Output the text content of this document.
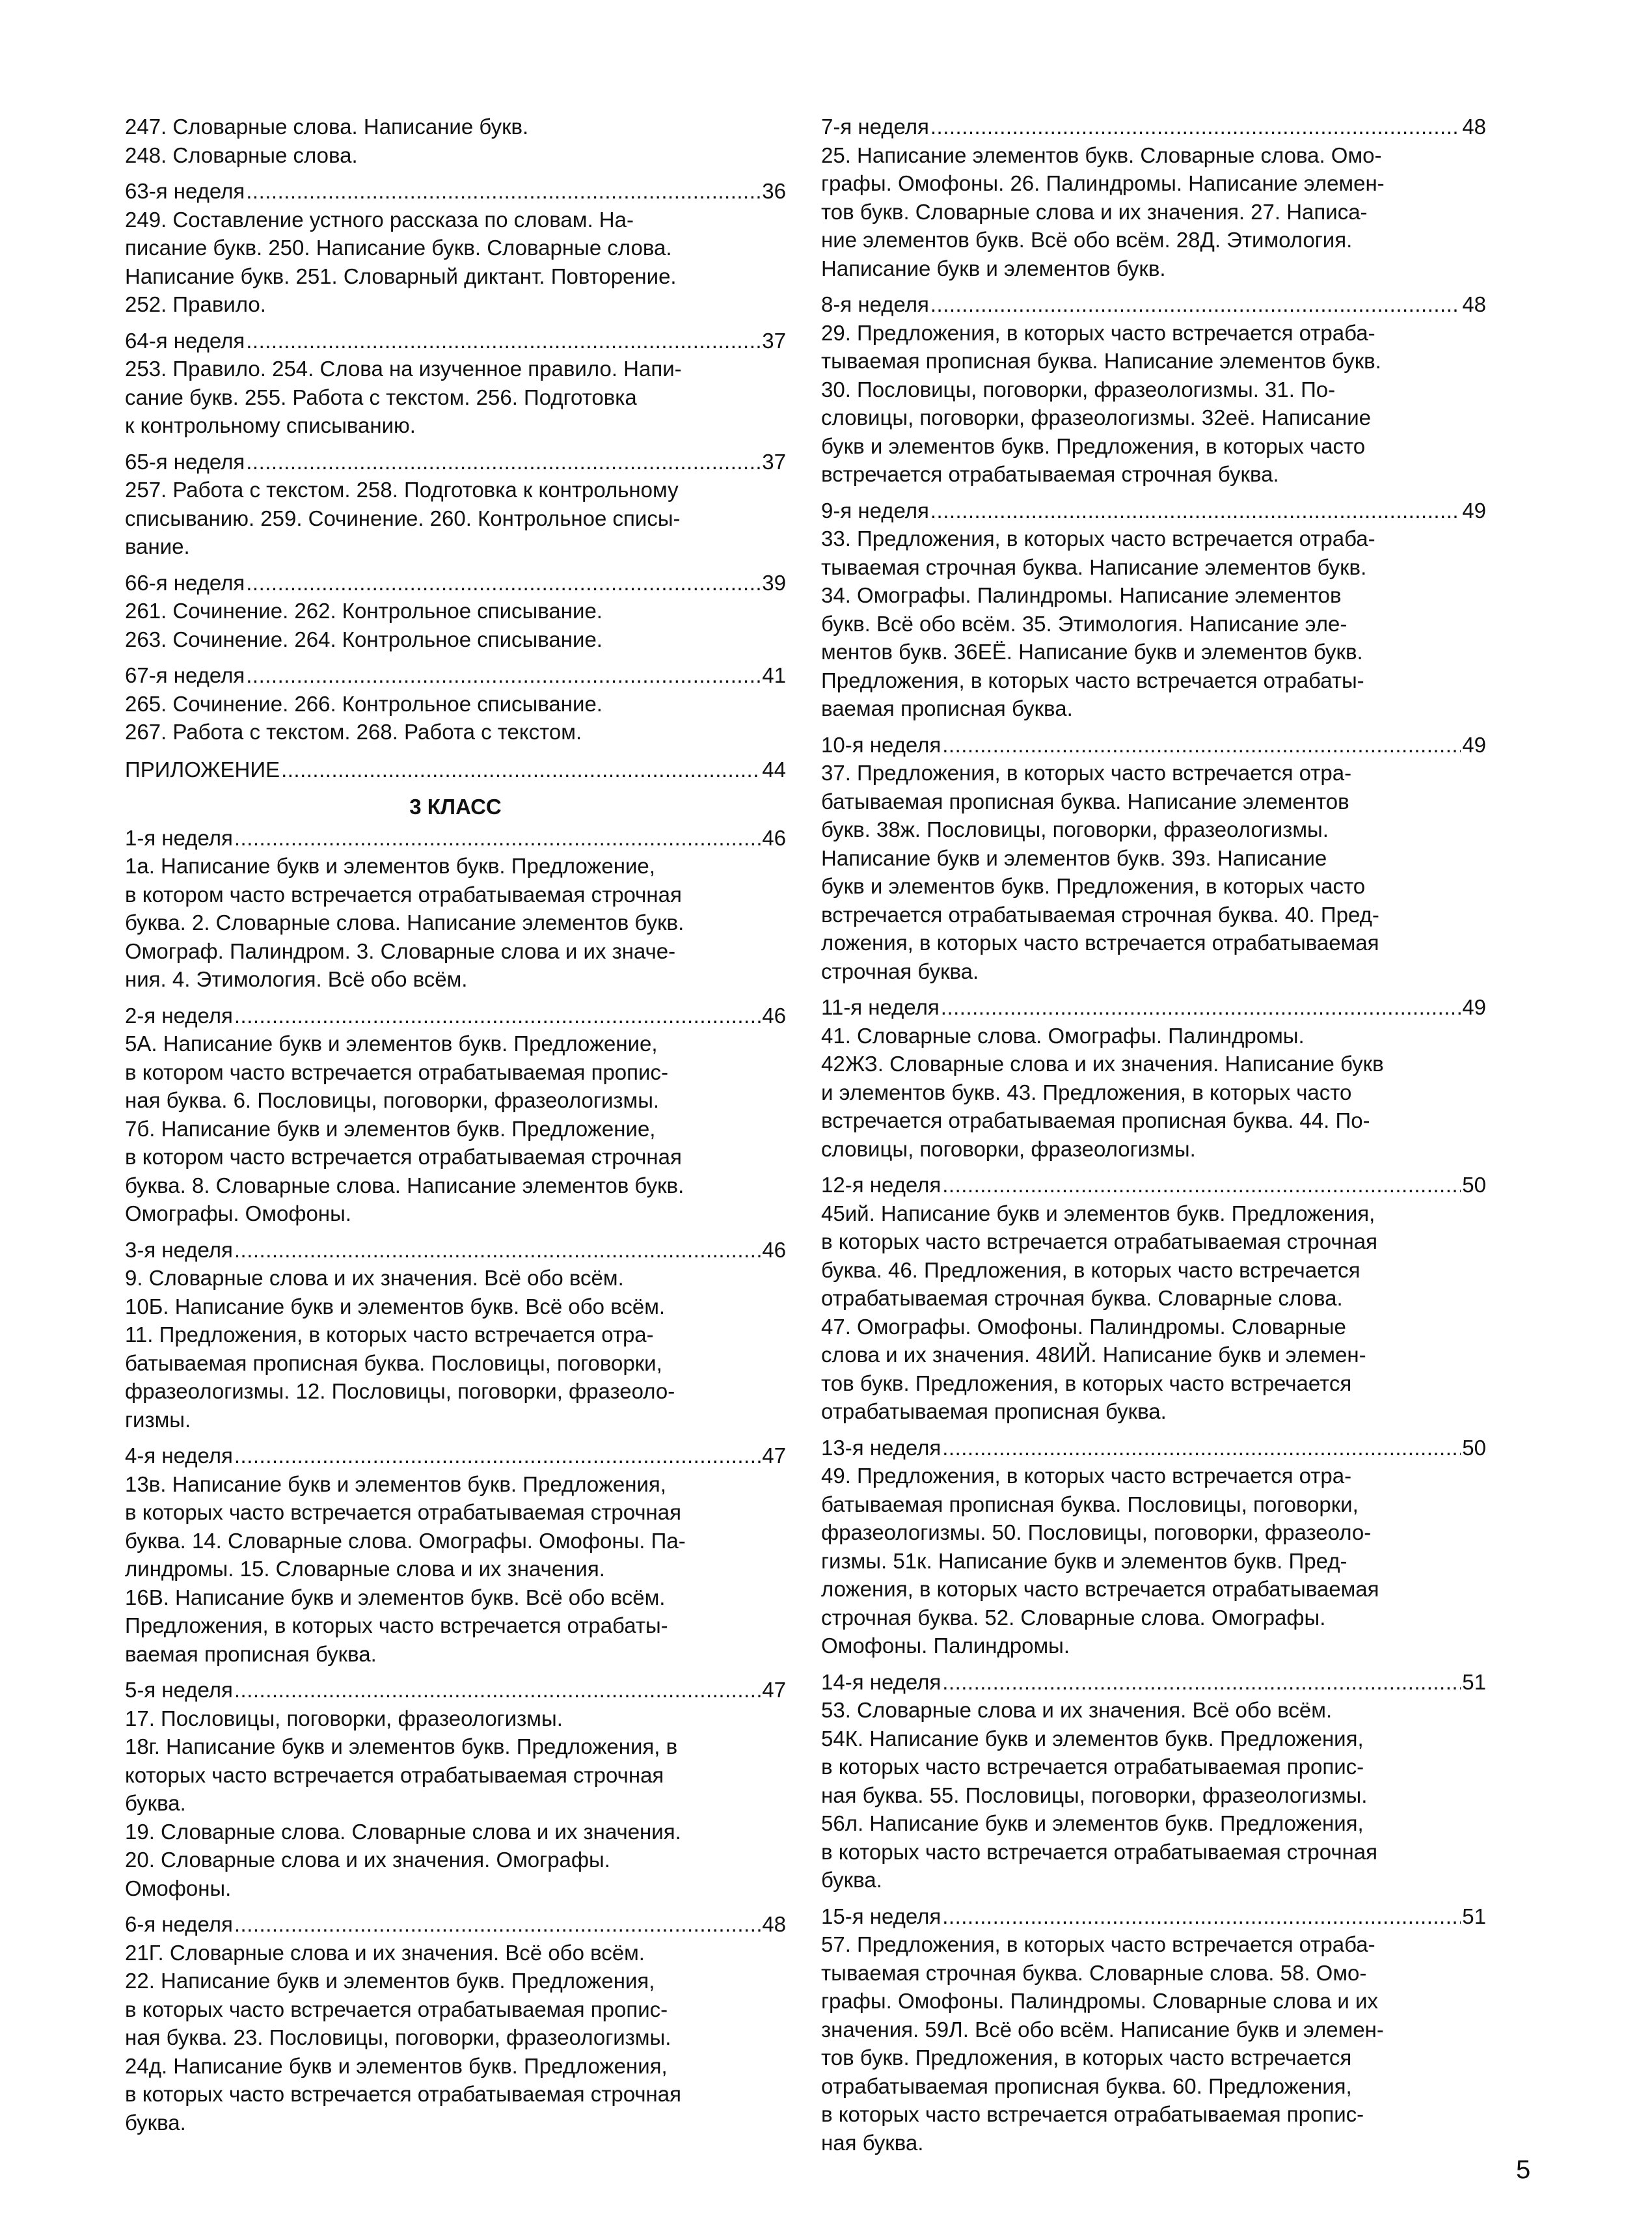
247. Словарные слова. Написание букв.
248. Словарные слова.
63-я неделя .....	36
249. Составление устного рассказа по словам. На-
писание букв. 250. Написание букв. Словарные слова.
Написание букв. 251. Словарный диктант. Повторение.
252. Правило.
64-я неделя .....	37
253. Правило. 254. Слова на изученное правило. Напи-
сание букв. 255. Работа с текстом. 256. Подготовка
к контрольному списыванию.
65-я неделя .....	37
257. Работа с текстом. 258. Подготовка к контрольному
списыванию. 259. Сочинение. 260. Контрольное списы-
вание.
66-я неделя .....	39
261. Сочинение. 262. Контрольное списывание.
263. Сочинение. 264. Контрольное списывание.
67-я неделя .....	41
265. Сочинение. 266. Контрольное списывание.
267. Работа с текстом. 268. Работа с текстом.
ПРИЛОЖЕНИЕ .....	44
3 КЛАСС
1-я неделя .....	46
1а. Написание букв и элементов букв. Предложение,
в котором часто встречается отрабатываемая строчная
буква. 2. Словарные слова. Написание элементов букв.
Омограф. Палиндром. 3. Словарные слова и их значе-
ния. 4. Этимология. Всё обо всём.
2-я неделя .....	46
5А. Написание букв и элементов букв. Предложение,
в котором часто встречается отрабатываемая пропис-
ная буква. 6. Пословицы, поговорки, фразеологизмы.
7б. Написание букв и элементов букв. Предложение,
в котором часто встречается отрабатываемая строчная
буква. 8. Словарные слова. Написание элементов букв.
Омографы. Омофоны.
3-я неделя .....	46
9. Словарные слова и их значения. Всё обо всём.
10Б. Написание букв и элементов букв. Всё обо всём.
11. Предложения, в которых часто встречается отра-
батываемая прописная буква. Пословицы, поговорки,
фразеологизмы. 12. Пословицы, поговорки, фразеоло-
гизмы.
4-я неделя .....	47
13в. Написание букв и элементов букв. Предложения,
в которых часто встречается отрабатываемая строчная
буква. 14. Словарные слова. Омографы. Омофоны. Па-
линдромы. 15. Словарные слова и их значения.
16В. Написание букв и элементов букв. Всё обо всём.
Предложения, в которых часто встречается отрабаты-
ваемая прописная буква.
5-я неделя .....	47
17. Пословицы, поговорки, фразеологизмы.
18г. Написание букв и элементов букв. Предложения, в
которых часто встречается отрабатываемая строчная
буква.
19. Словарные слова. Словарные слова и их значения.
20. Словарные слова и их значения. Омографы.
Омофоны.
6-я неделя .....	48
21Г. Словарные слова и их значения. Всё обо всём.
22. Написание букв и элементов букв. Предложения,
в которых часто встречается отрабатываемая пропис-
ная буква. 23. Пословицы, поговорки, фразеологизмы.
24д. Написание букв и элементов букв. Предложения,
в которых часто встречается отрабатываемая строчная
буква.
7-я неделя .....	48
25. Написание элементов букв. Словарные слова. Омо-
графы. Омофоны. 26. Палиндромы. Написание элемен-
тов букв. Словарные слова и их значения. 27. Написа-
ние элементов букв. Всё обо всём. 28Д. Этимология.
Написание букв и элементов букв.
8-я неделя .....	48
29. Предложения, в которых часто встречается отраба-
тываемая прописная буква. Написание элементов букв.
30. Пословицы, поговорки, фразеологизмы. 31. По-
словицы, поговорки, фразеологизмы. 32её. Написание
букв и элементов букв. Предложения, в которых часто
встречается отрабатываемая строчная буква.
9-я неделя .....	49
33. Предложения, в которых часто встречается отраба-
тываемая строчная буква. Написание элементов букв.
34. Омографы. Палиндромы. Написание элементов
букв. Всё обо всём. 35. Этимология. Написание эле-
ментов букв. 36ЕЁ. Написание букв и элементов букв.
Предложения, в которых часто встречается отрабаты-
ваемая прописная буква.
10-я неделя .....	49
37. Предложения, в которых часто встречается отра-
батываемая прописная буква. Написание элементов
букв. 38ж. Пословицы, поговорки, фразеологизмы.
Написание букв и элементов букв. 39з. Написание
букв и элементов букв. Предложения, в которых часто
встречается отрабатываемая строчная буква. 40. Пред-
ложения, в которых часто встречается отрабатываемая
строчная буква.
11-я неделя .....	49
41. Словарные слова. Омографы. Палиндромы.
42ЖЗ. Словарные слова и их значения. Написание букв
и элементов букв. 43. Предложения, в которых часто
встречается отрабатываемая прописная буква. 44. По-
словицы, поговорки, фразеологизмы.
12-я неделя .....	50
45ий. Написание букв и элементов букв. Предложения,
в которых часто встречается отрабатываемая строчная
буква. 46. Предложения, в которых часто встречается
отрабатываемая строчная буква. Словарные слова.
47. Омографы. Омофоны. Палиндромы. Словарные
слова и их значения. 48ИЙ. Написание букв и элемен-
тов букв. Предложения, в которых часто встречается
отрабатываемая прописная буква.
13-я неделя .....	50
49. Предложения, в которых часто встречается отра-
батываемая прописная буква. Пословицы, поговорки,
фразеологизмы. 50. Пословицы, поговорки, фразеоло-
гизмы. 51к. Написание букв и элементов букв. Пред-
ложения, в которых часто встречается отрабатываемая
строчная буква. 52. Словарные слова. Омографы.
Омофоны. Палиндромы.
14-я неделя .....	51
53. Словарные слова и их значения. Всё обо всём.
54К. Написание букв и элементов букв. Предложения,
в которых часто встречается отрабатываемая пропис-
ная буква. 55. Пословицы, поговорки, фразеологизмы.
56л. Написание букв и элементов букв. Предложения,
в которых часто встречается отрабатываемая строчная
буква.
15-я неделя .....	51
57. Предложения, в которых часто встречается отраба-
тываемая строчная буква. Словарные слова. 58. Омо-
графы. Омофоны. Палиндромы. Словарные слова и их
значения. 59Л. Всё обо всём. Написание букв и элемен-
тов букв. Предложения, в которых часто встречается
отрабатываемая прописная буква. 60. Предложения,
в которых часто встречается отрабатываемая пропис-
ная буква.
5
